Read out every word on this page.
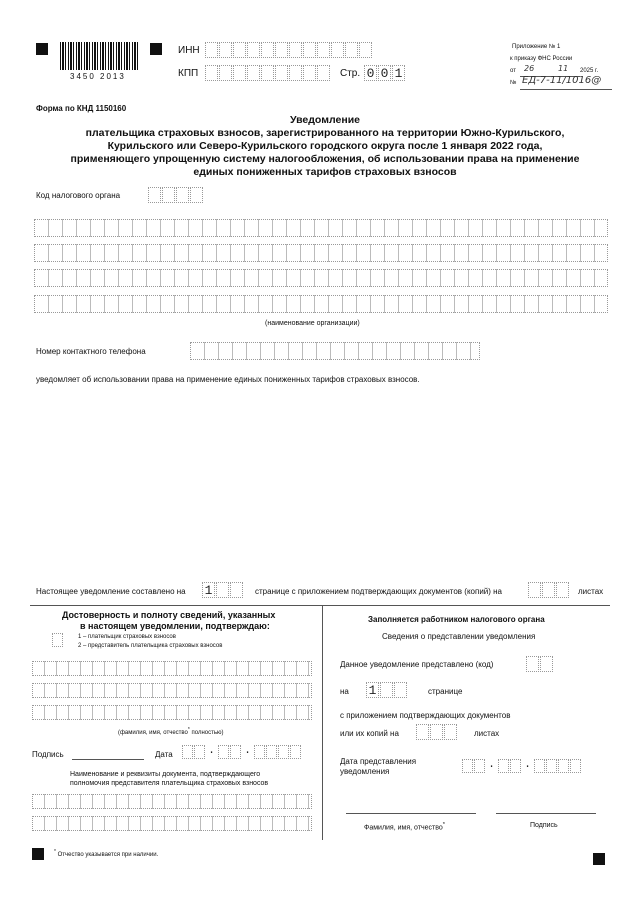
3450 2013
ИНН
КПП	Стр. 0 0 1
Приложение № 1
к приказу ФНС России
от 26	11 2025 г.
№ ЕД-7-11/1016@
Форма по КНД 1150160
Уведомление
плательщика страховых взносов, зарегистрированного на территории Южно-Курильского,
Курильского или Северо-Курильского городского округа после 1 января 2022 года,
применяющего упрощенную систему налогообложения, об использовании права на применение
единых пониженных тарифов страховых взносов
Код налогового органа
(наименование организации)
Номер контактного телефона
уведомляет об использовании права на применение единых пониженных тарифов страховых взносов.
Настоящее уведомление составлено на 1	странице с приложением подтверждающих документов (копий) на	листах
Достоверность и полноту сведений, указанных
в настоящем уведомлении, подтверждаю:
1 – плательщик страховых взносов
2 – представитель плательщика страховых взносов
(фамилия, имя, отчество* полностью)
Подпись	Дата	.	.
Наименование и реквизиты документа, подтверждающего
полномочия представителя плательщика страховых взносов
Заполняется работником налогового органа
Сведения о представлении уведомления
Данное уведомление представлено (код)
на 1	странице
с приложением подтверждающих документов
или их копий на	листах
Дата представления
уведомления
.	.
Фамилия, имя, отчество*	Подпись
* Отчество указывается при наличии.
